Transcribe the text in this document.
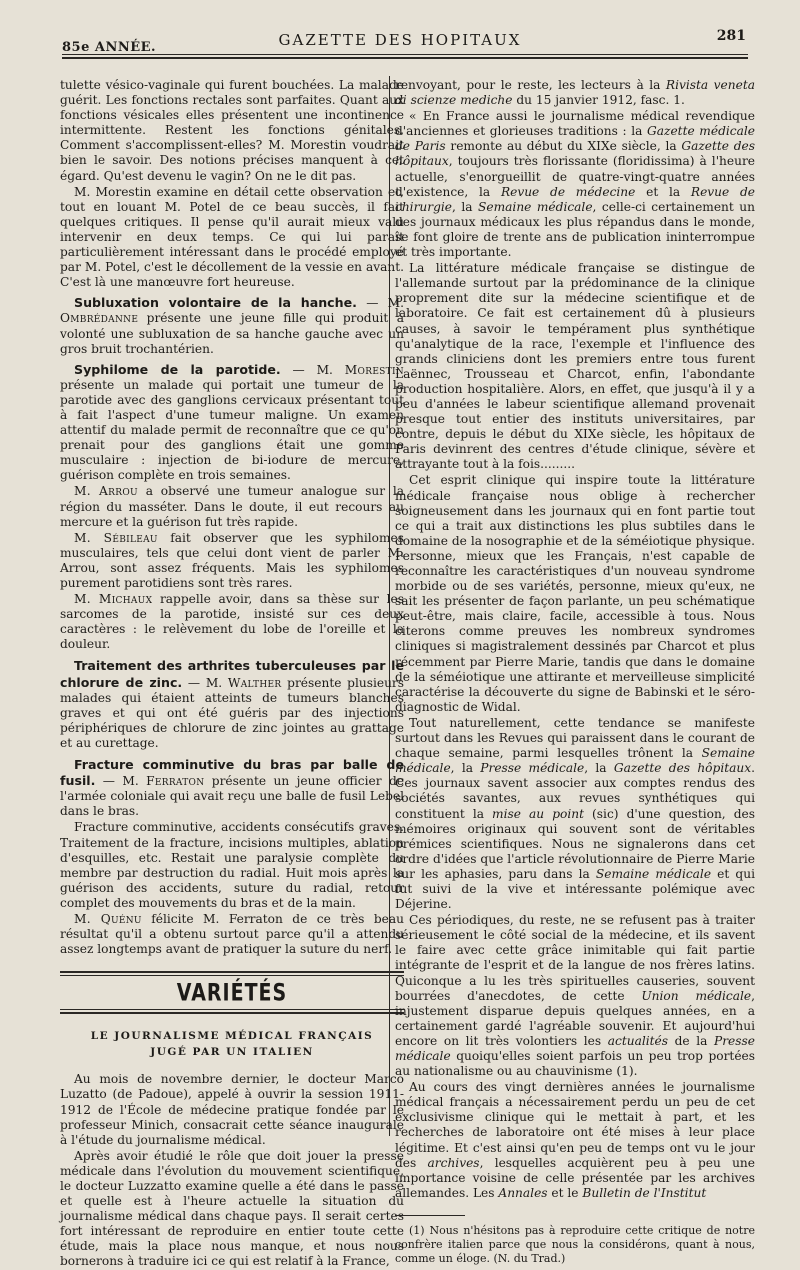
85e ANNÉE.	GAZETTE DES HOPITAUX	281

tulette vésico-vaginale qui furent bouchées. La malade guérit. Les fonctions rectales sont parfaites. Quant aux fonctions vésicales elles présentent une incontinence intermittente. Restent les fonctions génitales. Comment s'accomplissent-elles? M. Morestin voudrait bien le savoir. Des notions précises manquent à cet égard. Qu'est devenu le vagin? On ne le dit pas.

M. Morestin examine en détail cette observation et, tout en louant M. Potel de ce beau succès, il fait quelques critiques. Il pense qu'il aurait mieux valu intervenir en deux temps. Ce qui lui paraît particulièrement intéressant dans le procédé employé par M. Potel, c'est le décollement de la vessie en avant. C'est là une manœuvre fort heureuse.

Subluxation volontaire de la hanche. — M. Ombrédanne présente une jeune fille qui produit à volonté une subluxation de sa hanche gauche avec un gros bruit trochantérien.

Syphilome de la parotide. — M. Morestin présente un malade qui portait une tumeur de la parotide avec des ganglions cervicaux présentant tout à fait l'aspect d'une tumeur maligne. Un examen attentif du malade permit de reconnaître que ce qu'on prenait pour des ganglions était une gomme musculaire : injection de bi-iodure de mercure, guérison complète en trois semaines.

M. Arrou a observé une tumeur analogue sur la région du masséter. Dans le doute, il eut recours au mercure et la guérison fut très rapide.

M. Sébileau fait observer que les syphilomes musculaires, tels que celui dont vient de parler M. Arrou, sont assez fréquents. Mais les syphilomes purement parotidiens sont très rares.

M. Michaux rappelle avoir, dans sa thèse sur les sarcomes de la parotide, insisté sur ces deux caractères : le relèvement du lobe de l'oreille et la douleur.

Traitement des arthrites tuberculeuses par le chlorure de zinc. — M. Walther présente plusieurs malades qui étaient atteints de tumeurs blanches graves et qui ont été guéris par des injections périphériques de chlorure de zinc jointes au grattage et au curettage.

Fracture comminutive du bras par balle de fusil. — M. Ferraton présente un jeune officier de l'armée coloniale qui avait reçu une balle de fusil Lebel dans le bras.

Fracture comminutive, accidents consécutifs graves. Traitement de la fracture, incisions multiples, ablation d'esquilles, etc. Restait une paralysie complète du membre par destruction du radial. Huit mois après la guérison des accidents, suture du radial, retour complet des mouvements du bras et de la main.

M. Quénu félicite M. Ferraton de ce très beau résultat qu'il a obtenu surtout parce qu'il a attendu assez longtemps avant de pratiquer la suture du nerf.

VARIÉTÉS
LE JOURNALISME MÉDICAL FRANÇAIS
JUGÉ PAR UN ITALIEN

Au mois de novembre dernier, le docteur Marco Luzatto (de Padoue), appelé à ouvrir la session 1911-1912 de l'École de médecine pratique fondée par le professeur Minich, consacrait cette séance inaugurale à l'étude du journalisme médical.

Après avoir étudié le rôle que doit jouer la presse médicale dans l'évolution du mouvement scientifique, le docteur Luzzatto examine quelle a été dans le passé et quelle est à l'heure actuelle la situation du journalisme médical dans chaque pays. Il serait certes fort intéressant de reproduire en entier toute cette étude, mais la place nous manque, et nous nous bornerons à traduire ici ce qui est relatif à la France,

renvoyant, pour le reste, les lecteurs à la Rivista veneta di scienze mediche du 15 janvier 1912, fasc. 1.

« En France aussi le journalisme médical revendique d'anciennes et glorieuses traditions : la Gazette médicale de Paris remonte au début du XIXe siècle, la Gazette des hôpitaux, toujours très florissante (floridissima) à l'heure actuelle, s'enorgueillit de quatre-vingt-quatre années d'existence, la Revue de médecine et la Revue de chirurgie, la Semaine médicale, celle-ci certainement un des journaux médicaux les plus répandus dans le monde, se font gloire de trente ans de publication ininterrompue et très importante.

La littérature médicale française se distingue de l'allemande surtout par la prédominance de la clinique proprement dite sur la médecine scientifique et de laboratoire. Ce fait est certainement dû à plusieurs causes, à savoir le tempérament plus synthétique qu'analytique de la race, l'exemple et l'influence des grands cliniciens dont les premiers entre tous furent Laënnec, Trousseau et Charcot, enfin, l'abondante production hospitalière. Alors, en effet, que jusqu'à il y a peu d'années le labeur scientifique allemand provenait presque tout entier des instituts universitaires, par contre, depuis le début du XIXe siècle, les hôpitaux de Paris devinrent des centres d'étude clinique, sévère et attrayante tout à la fois.........

Cet esprit clinique qui inspire toute la littérature médicale française nous oblige à rechercher soigneusement dans les journaux qui en font partie tout ce qui a trait aux distinctions les plus subtiles dans le domaine de la nosographie et de la séméiotique physique. Personne, mieux que les Français, n'est capable de reconnaître les caractéristiques d'un nouveau syndrome morbide ou de ses variétés, personne, mieux qu'eux, ne sait les présenter de façon parlante, un peu schématique peut-être, mais claire, facile, accessible à tous. Nous citerons comme preuves les nombreux syndromes cliniques si magistralement dessinés par Charcot et plus récemment par Pierre Marie, tandis que dans le domaine de la séméiotique une attirante et merveilleuse simplicité caractérise la découverte du signe de Babinski et le séro-diagnostic de Widal.

Tout naturellement, cette tendance se manifeste surtout dans les Revues qui paraissent dans le courant de chaque semaine, parmi lesquelles trônent la Semaine médicale, la Presse médicale, la Gazette des hôpitaux. Ces journaux savent associer aux comptes rendus des sociétés savantes, aux revues synthétiques qui constituent la mise au point (sic) d'une question, des mémoires originaux qui souvent sont de véritables prémices scientifiques. Nous ne signalerons dans cet ordre d'idées que l'article révolutionnaire de Pierre Marie sur les aphasies, paru dans la Semaine médicale et qui fut suivi de la vive et intéressante polémique avec Déjerine.

Ces périodiques, du reste, ne se refusent pas à traiter sérieusement le côté social de la médecine, et ils savent le faire avec cette grâce inimitable qui fait partie intégrante de l'esprit et de la langue de nos frères latins. Quiconque a lu les très spirituelles causeries, souvent bourrées d'anecdotes, de cette Union médicale, injustement disparue depuis quelques années, en a certainement gardé l'agréable souvenir. Et aujourd'hui encore on lit très volontiers les actualités de la Presse médicale quoiqu'elles soient parfois un peu trop portées au nationalisme ou au chauvinisme (1).

Au cours des vingt dernières années le journalisme médical français a nécessairement perdu un peu de cet exclusivisme clinique qui le mettait à part, et les recherches de laboratoire ont été mises à leur place légitime. Et c'est ainsi qu'en peu de temps ont vu le jour des archives, lesquelles acquièrent peu à peu une importance voisine de celle présentée par les archives allemandes. Les Annales et le Bulletin de l'Institut

(1) Nous n'hésitons pas à reproduire cette critique de notre confrère italien parce que nous la considérons, quant à nous, comme un éloge. (N. du Trad.)
